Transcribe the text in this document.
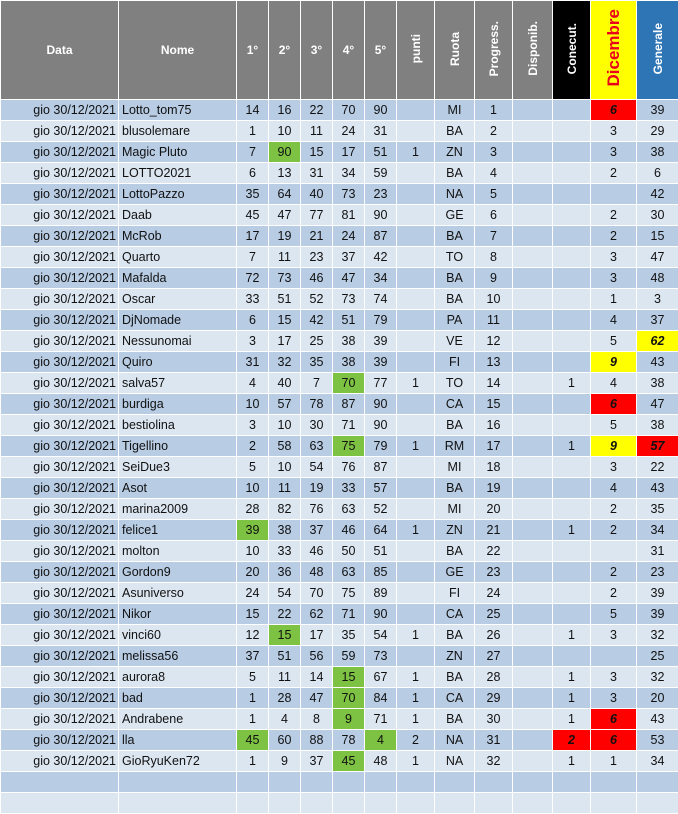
Data	Nome	1°	2°	3°	4°	5°	punti	Ruota	Progress.	Disponib.	Conecut.	Dicembre	Generale
gio 30/12/2021	Lotto_tom75	14	16	22	70	90		MI	1			6	39
gio 30/12/2021	blusolemare	1	10	11	24	31		BA	2			3	29
gio 30/12/2021	Magic Pluto	7	90	15	17	51	1	ZN	3			3	38
gio 30/12/2021	LOTTO2021	6	13	31	34	59		BA	4			2	6
gio 30/12/2021	LottoPazzo	35	64	40	73	23		NA	5				42
gio 30/12/2021	Daab	45	47	77	81	90		GE	6			2	30
gio 30/12/2021	McRob	17	19	21	24	87		BA	7			2	15
gio 30/12/2021	Quarto	7	11	23	37	42		TO	8			3	47
gio 30/12/2021	Mafalda	72	73	46	47	34		BA	9			3	48
gio 30/12/2021	Oscar	33	51	52	73	74		BA	10			1	3
gio 30/12/2021	DjNomade	6	15	42	51	79		PA	11			4	37
gio 30/12/2021	Nessunomai	3	17	25	38	39		VE	12			5	62
gio 30/12/2021	Quiro	31	32	35	38	39		FI	13			9	43
gio 30/12/2021	salva57	4	40	7	70	77	1	TO	14		1	4	38
gio 30/12/2021	burdiga	10	57	78	87	90		CA	15			6	47
gio 30/12/2021	bestiolina	3	10	30	71	90		BA	16			5	38
gio 30/12/2021	Tigellino	2	58	63	75	79	1	RM	17		1	9	57
gio 30/12/2021	SeiDue3	5	10	54	76	87		MI	18			3	22
gio 30/12/2021	Asot	10	11	19	33	57		BA	19			4	43
gio 30/12/2021	marina2009	28	82	76	63	52		MI	20			2	35
gio 30/12/2021	felice1	39	38	37	46	64	1	ZN	21		1	2	34
gio 30/12/2021	molton	10	33	46	50	51		BA	22				31
gio 30/12/2021	Gordon9	20	36	48	63	85		GE	23			2	23
gio 30/12/2021	Asuniverso	24	54	70	75	89		FI	24			2	39
gio 30/12/2021	Nikor	15	22	62	71	90		CA	25			5	39
gio 30/12/2021	vinci60	12	15	17	35	54	1	BA	26		1	3	32
gio 30/12/2021	melissa56	37	51	56	59	73		ZN	27				25
gio 30/12/2021	aurora8	5	11	14	15	67	1	BA	28		1	3	32
gio 30/12/2021	bad	1	28	47	70	84	1	CA	29		1	3	20
gio 30/12/2021	Andrabene	1	4	8	9	71	1	BA	30		1	6	43
gio 30/12/2021	lla	45	60	88	78	4	2	NA	31		2	6	53
gio 30/12/2021	GioRyuKen72	1	9	37	45	48	1	NA	32		1	1	34
